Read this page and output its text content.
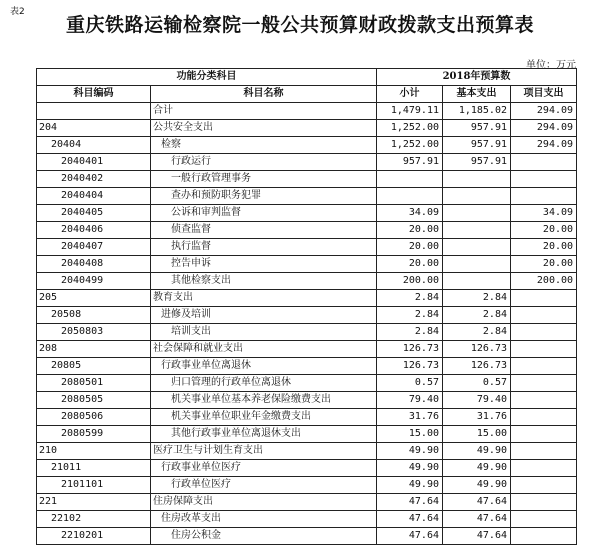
表2
重庆铁路运输检察院一般公共预算财政拨款支出预算表
单位：万元
功能分类科目		2018年预算数		
科目编码	科目名称	小计	基本支出	项目支出
	合计	1,479.11	1,185.02	294.09
204	公共安全支出	1,252.00	957.91	294.09
20404	检察	1,252.00	957.91	294.09
2040401	行政运行	957.91	957.91	
2040402	一般行政管理事务			
2040404	查办和预防职务犯罪			
2040405	公诉和审判监督	34.09		34.09
2040406	侦查监督	20.00		20.00
2040407	执行监督	20.00		20.00
2040408	控告申诉	20.00		20.00
2040499	其他检察支出	200.00		200.00
205	教育支出	2.84	2.84	
20508	进修及培训	2.84	2.84	
2050803	培训支出	2.84	2.84	
208	社会保障和就业支出	126.73	126.73	
20805	行政事业单位离退休	126.73	126.73	
2080501	归口管理的行政单位离退休	0.57	0.57	
2080505	机关事业单位基本养老保险缴费支出	79.40	79.40	
2080506	机关事业单位职业年金缴费支出	31.76	31.76	
2080599	其他行政事业单位离退休支出	15.00	15.00	
210	医疗卫生与计划生育支出	49.90	49.90	
21011	行政事业单位医疗	49.90	49.90	
2101101	行政单位医疗	49.90	49.90	
221	住房保障支出	47.64	47.64	
22102	住房改革支出	47.64	47.64	
2210201	住房公积金	47.64	47.64	
